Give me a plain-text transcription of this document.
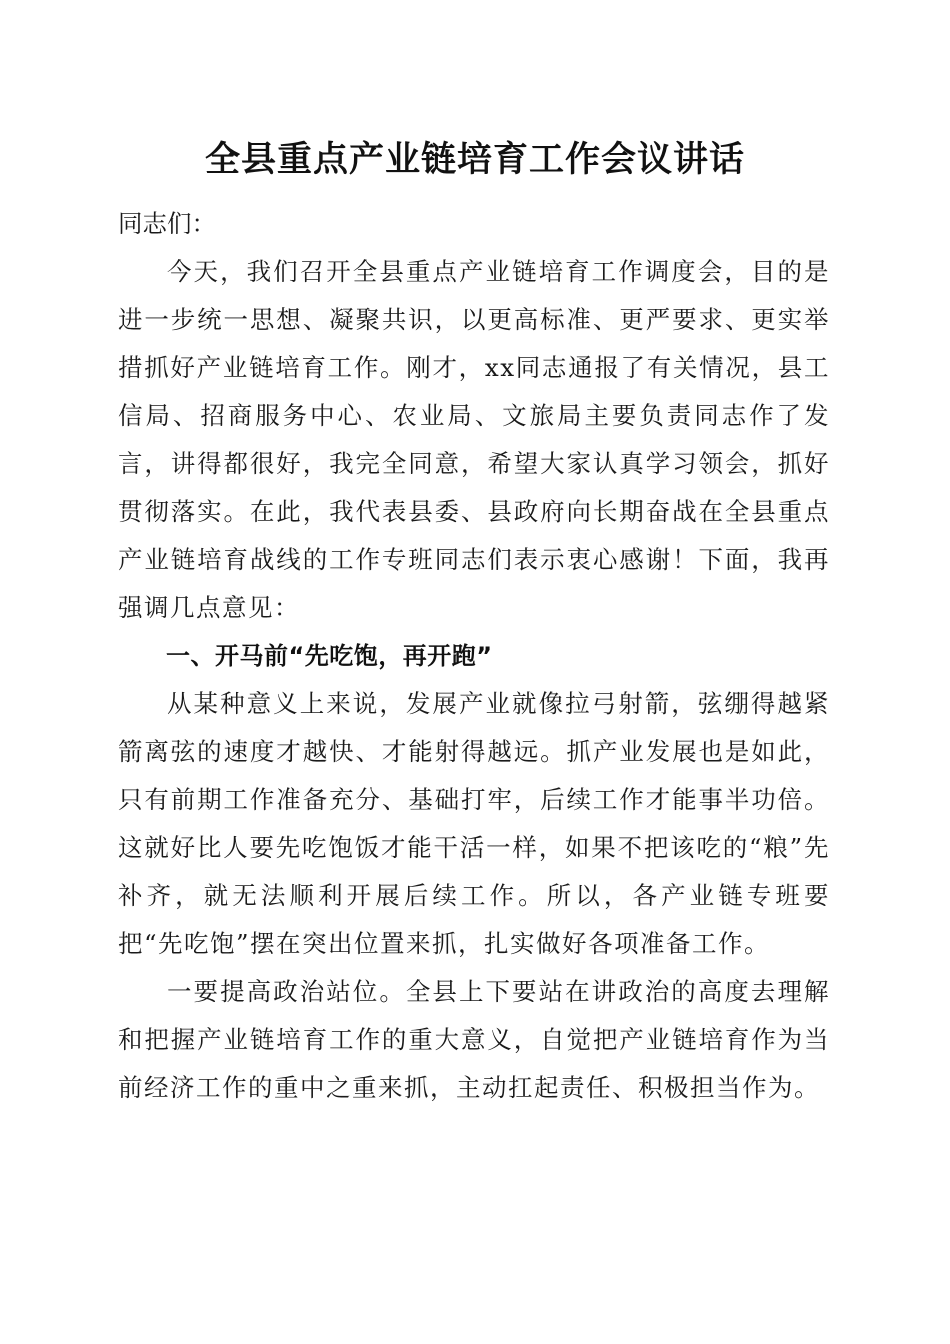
全县重点产业链培育工作会议讲话

同志们：

今天，我们召开全县重点产业链培育工作调度会，目的是进一步统一思想、凝聚共识，以更高标准、更严要求、更实举措抓好产业链培育工作。刚才，xx同志通报了有关情况，县工信局、招商服务中心、农业局、文旅局主要负责同志作了发言，讲得都很好，我完全同意，希望大家认真学习领会，抓好贯彻落实。在此，我代表县委、县政府向长期奋战在全县重点产业链培育战线的工作专班同志们表示衷心感谢！下面，我再强调几点意见：

一、开马前“先吃饱，再开跑”

从某种意义上来说，发展产业就像拉弓射箭，弦绷得越紧箭离弦的速度才越快、才能射得越远。抓产业发展也是如此，只有前期工作准备充分、基础打牢，后续工作才能事半功倍。这就好比人要先吃饱饭才能干活一样，如果不把该吃的“粮”先补齐，就无法顺利开展后续工作。所以，各产业链专班要把“先吃饱”摆在突出位置来抓，扎实做好各项准备工作。

一要提高政治站位。全县上下要站在讲政治的高度去理解和把握产业链培育工作的重大意义，自觉把产业链培育作为当前经济工作的重中之重来抓，主动扛起责任、积极担当作为。
